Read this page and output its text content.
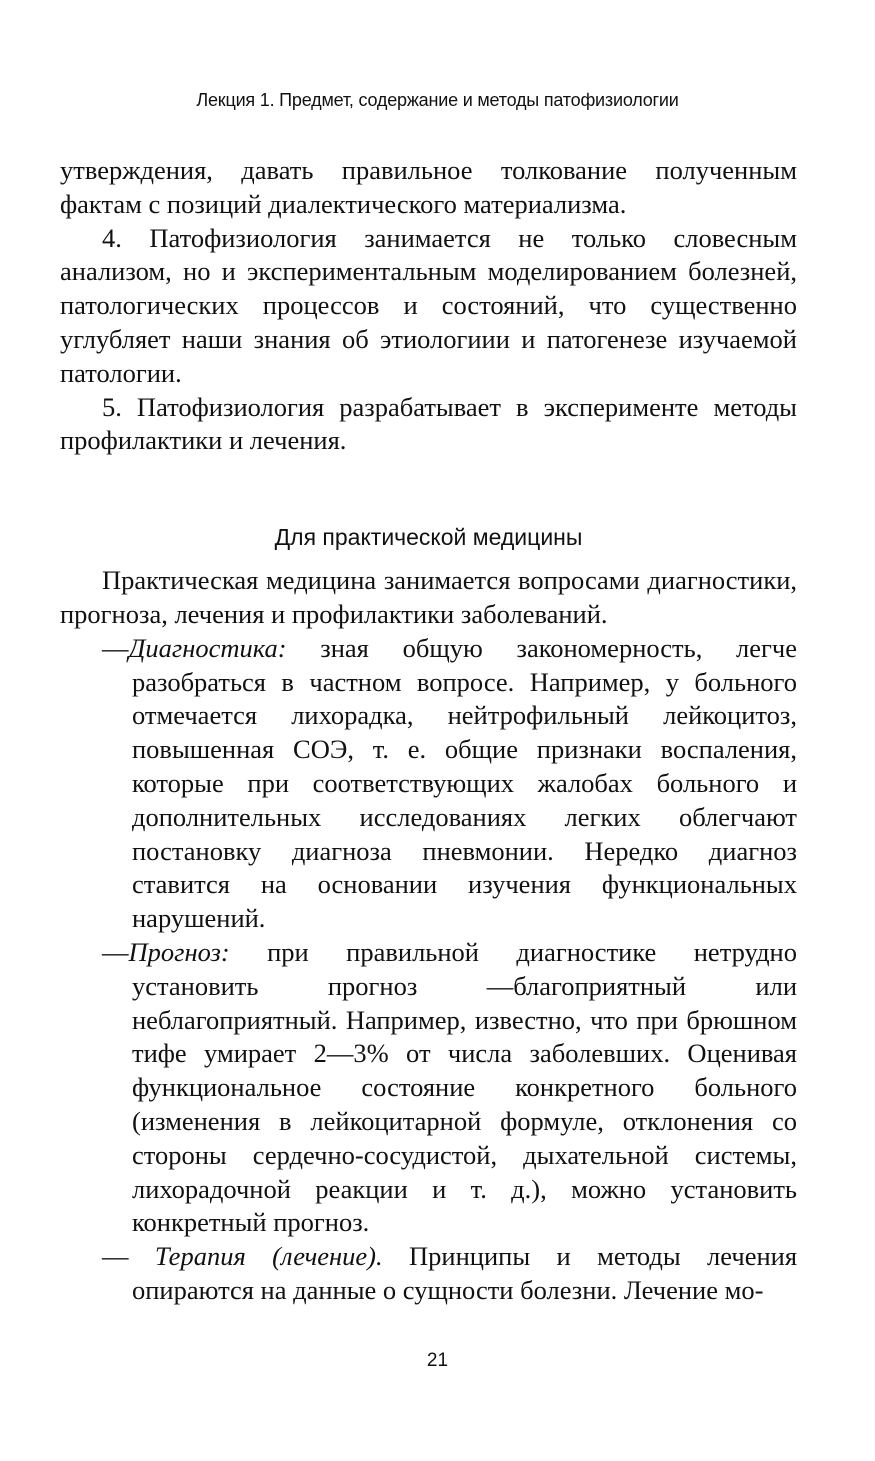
Лекция 1. Предмет, содержание и методы патофизиологии

утверждения, давать правильное толкование полученным фактам с позиций диалектического материализма.

4. Патофизиология занимается не только словесным анализом, но и экспериментальным моделированием болезней, патологических процессов и состояний, что существенно углубляет наши знания об этиологиии и патогенезе изучаемой патологии.

5. Патофизиология разрабатывает в эксперименте методы профилактики и лечения.

Для практической медицины

Практическая медицина занимается вопросами диагностики, прогноза, лечения и профилактики заболеваний.

—Диагностика: зная общую закономерность, легче разобраться в частном вопросе. Например, у больного отмечается лихорадка, нейтрофильный лейкоцитоз, повышенная СОЭ, т. е. общие признаки воспаления, которые при соответствующих жалобах больного и дополнительных исследованиях легких облегчают постановку диагноза пневмонии. Нередко диагноз ставится на основании изучения функциональных нарушений.

—Прогноз: при правильной диагностике нетрудно установить прогноз —благоприятный или неблагоприятный. Например, известно, что при брюшном тифе умирает 2—3% от числа заболевших. Оценивая функциональное состояние конкретного больного (изменения в лейкоцитарной формуле, отклонения со стороны сердечно-сосудистой, дыхательной системы, лихорадочной реакции и т. д.), можно установить конкретный прогноз.

— Терапия (лечение). Принципы и методы лечения опираются на данные о сущности болезни. Лечение мо-

21
